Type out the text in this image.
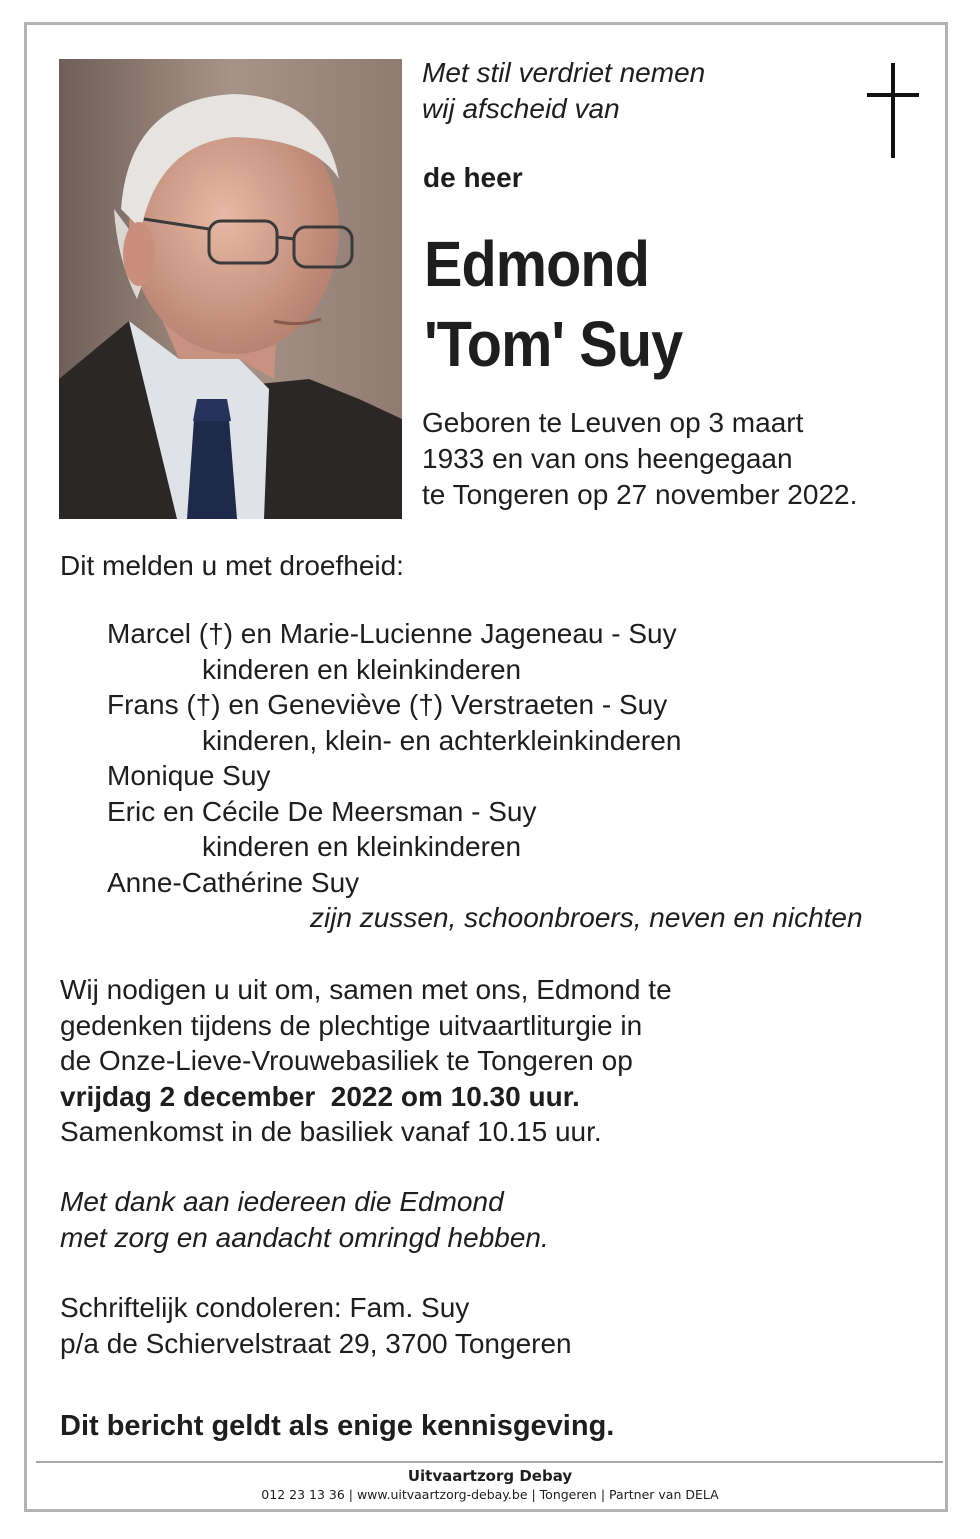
Met stil verdriet nemen
wij afscheid van
de heer
Edmond
'Tom' Suy
Geboren te Leuven op 3 maart
1933 en van ons heengegaan
te Tongeren op 27 november 2022.
Dit melden u met droefheid:
Marcel (†) en Marie-Lucienne Jageneau - Suy
kinderen en kleinkinderen
Frans (†) en Geneviève (†) Verstraeten - Suy
kinderen, klein- en achterkleinkinderen
Monique Suy
Eric en Cécile De Meersman - Suy
kinderen en kleinkinderen
Anne-Cathérine Suy
zijn zussen, schoonbroers, neven en nichten
Wij nodigen u uit om, samen met ons, Edmond te
gedenken tijdens de plechtige uitvaartliturgie in
de Onze-Lieve-Vrouwebasiliek te Tongeren op
vrijdag 2 december  2022 om 10.30 uur.
Samenkomst in de basiliek vanaf 10.15 uur.
Met dank aan iedereen die Edmond
met zorg en aandacht omringd hebben.
Schriftelijk condoleren: Fam. Suy
p/a de Schiervelstraat 29, 3700 Tongeren
Dit bericht geldt als enige kennisgeving.
Uitvaartzorg Debay
012 23 13 36 | www.uitvaartzorg-debay.be | Tongeren | Partner van DELA
